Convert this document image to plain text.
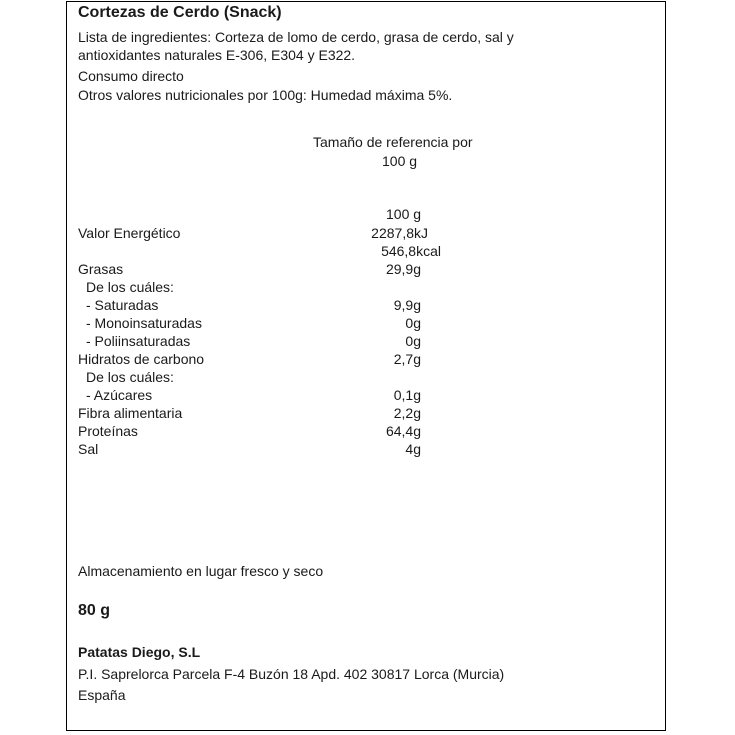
Cortezas de Cerdo (Snack)
Lista de ingredientes: Corteza de lomo de cerdo, grasa de cerdo, sal y
antioxidantes naturales E-306, E304 y E322.
Consumo directo
Otros valores nutricionales por 100g: Humedad máxima 5%.
Tamaño de referencia por
100 g
100 g
Valor Energético	2287,8kJ
546,8kcal
Grasas	29,9g
De los cuáles:
- Saturadas	9,9g
- Monoinsaturadas	0g
- Poliinsaturadas	0g
Hidratos de carbono	2,7g
De los cuáles:
- Azúcares	0,1g
Fibra alimentaria	2,2g
Proteínas	64,4g
Sal	4g
Almacenamiento en lugar fresco y seco
80 g
Patatas Diego, S.L
P.I. Saprelorca Parcela F-4 Buzón 18 Apd. 402 30817 Lorca (Murcia)
España
